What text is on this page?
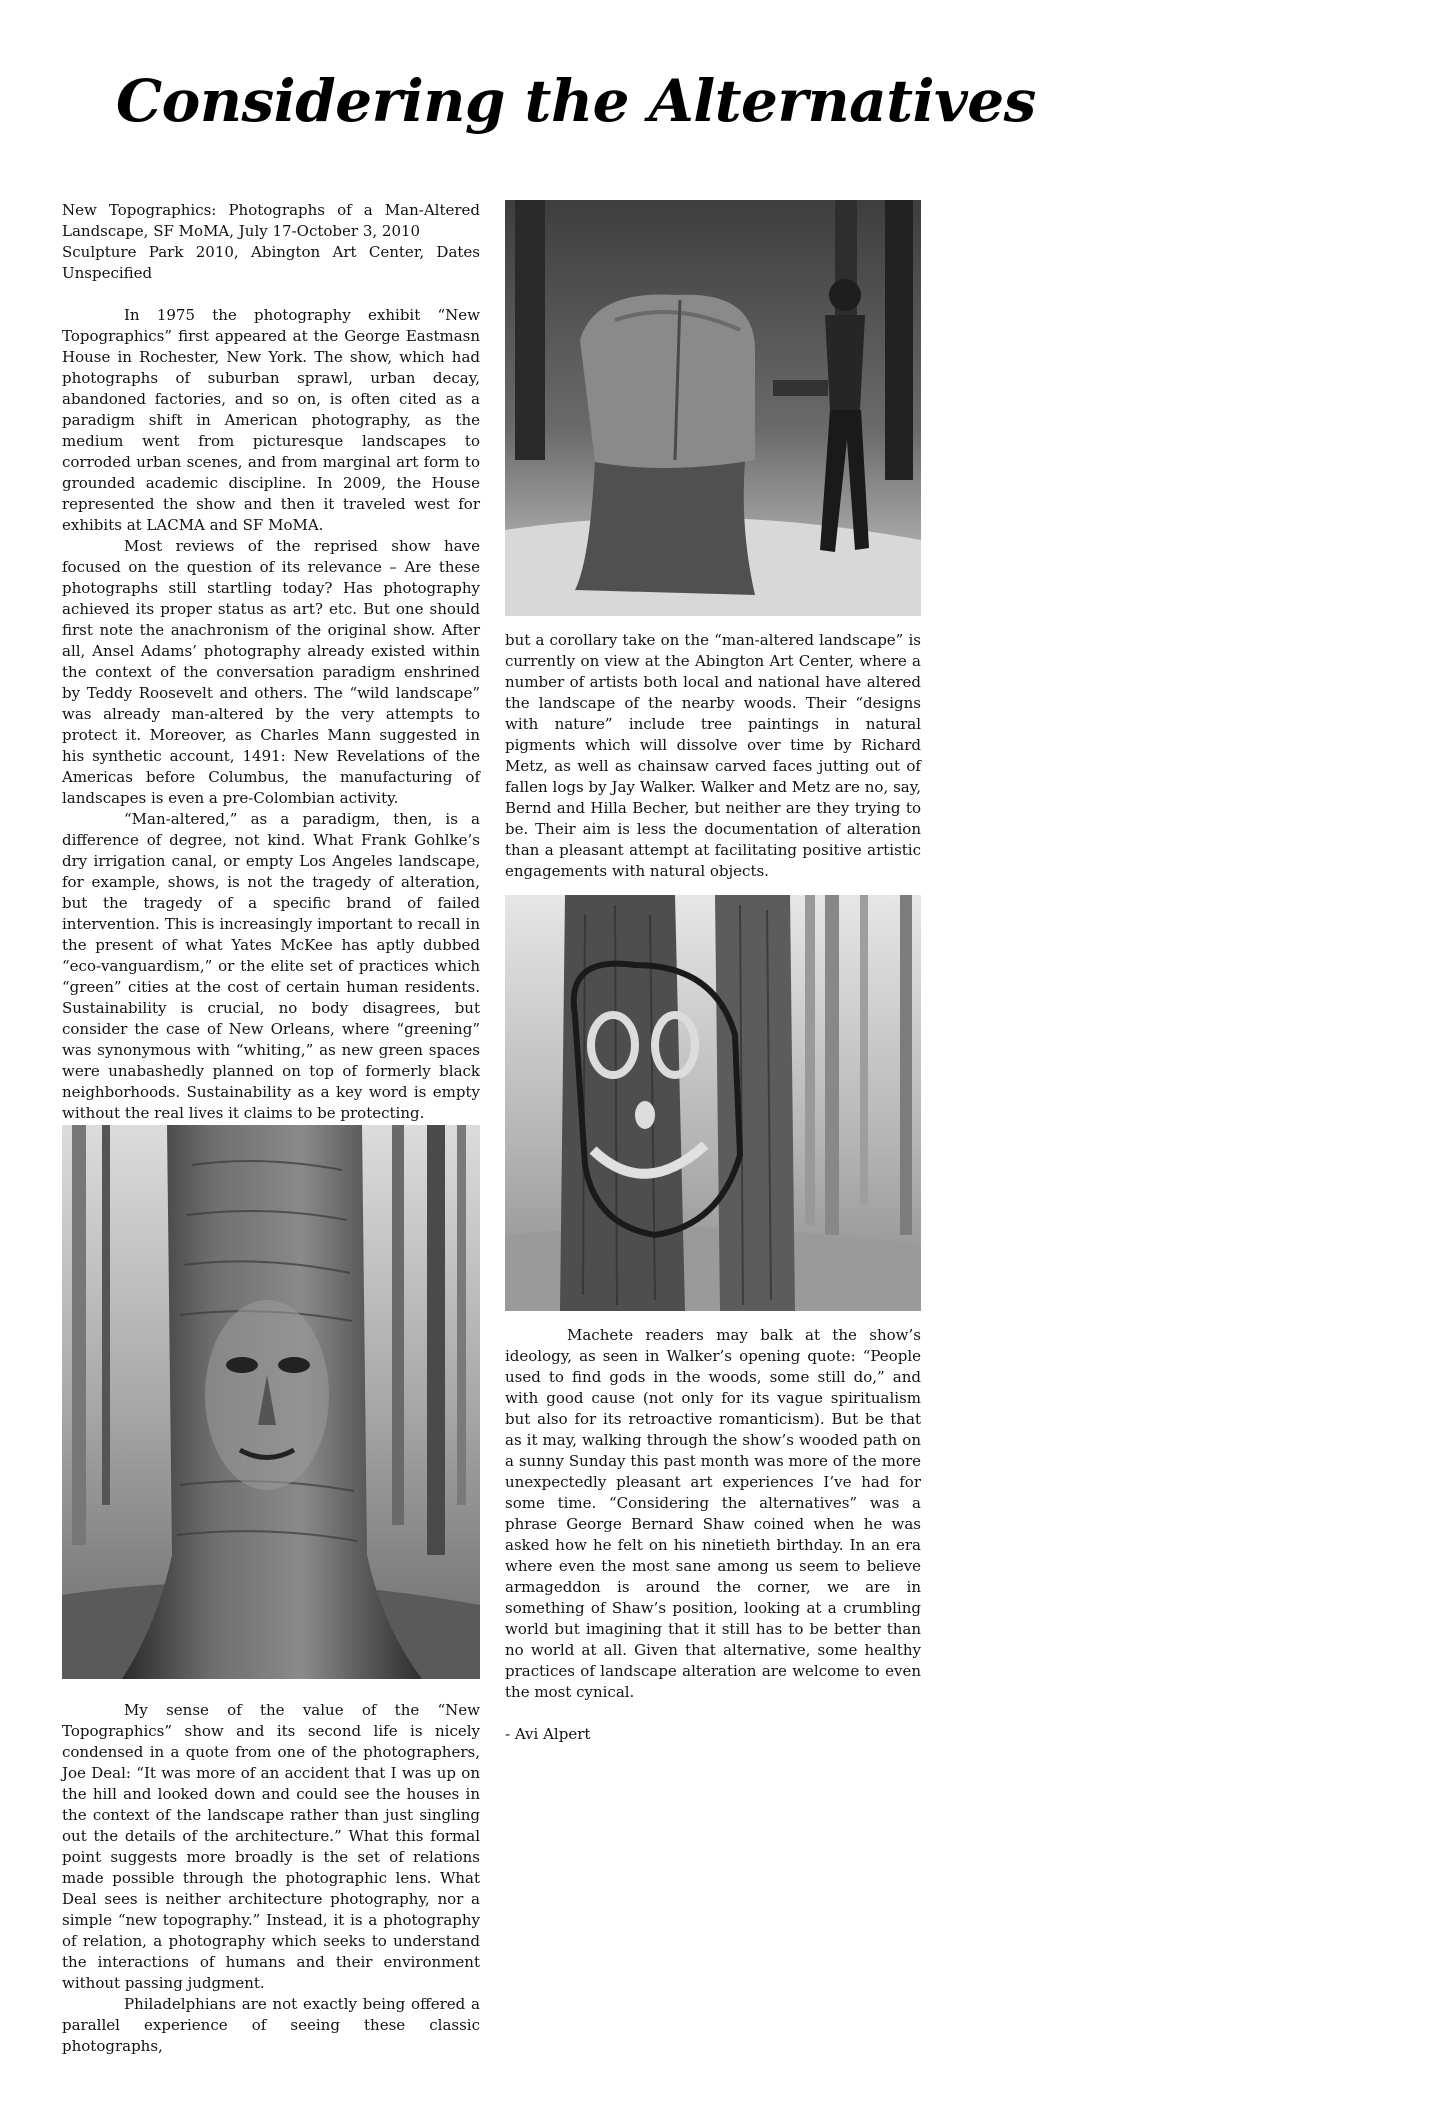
Considering the Alternatives

New Topographics: Photographs of a Man-Altered Landscape, SF MoMA, July 17-October 3, 2010

Sculpture Park 2010, Abington Art Center, Dates Unspecified

In 1975 the photography exhibit “New Topographics” first appeared at the George Eastmasn House in Rochester, New York. The show, which had photographs of suburban sprawl, urban decay, abandoned factories, and so on, is often cited as a paradigm shift in American photography, as the medium went from picturesque landscapes to corroded urban scenes, and from marginal art form to grounded academic discipline. In 2009, the House represented the show and then it traveled west for exhibits at LACMA and SF MoMA.

Most reviews of the reprised show have focused on the question of its relevance – Are these photographs still startling today? Has photography achieved its proper status as art? etc. But one should first note the anachronism of the original show. After all, Ansel Adams’ photography already existed within the context of the conversation paradigm enshrined by Teddy Roosevelt and others. The “wild landscape” was already man-altered by the very attempts to protect it. Moreover, as Charles Mann suggested in his synthetic account, 1491: New Revelations of the Americas before Columbus, the manufacturing of landscapes is even a pre-Colombian activity.

“Man-altered,” as a paradigm, then, is a difference of degree, not kind. What Frank Gohlke’s dry irrigation canal, or empty Los Angeles landscape, for example, shows, is not the tragedy of alteration, but the tragedy of a specific brand of failed intervention. This is increasingly important to recall in the present of what Yates McKee has aptly dubbed “eco-vanguardism,” or the elite set of practices which “green” cities at the cost of certain human residents. Sustainability is crucial, no body disagrees, but consider the case of New Orleans, where “greening” was synonymous with “whiting,” as new green spaces were unabashedly planned on top of formerly black neighborhoods. Sustainability as a key word is empty without the real lives it claims to be protecting.

My sense of the value of the “New Topographics” show and its second life is nicely condensed in a quote from one of the photographers, Joe Deal: “It was more of an accident that I was up on the hill and looked down and could see the houses in the context of the landscape rather than just singling out the details of the architecture.” What this formal point suggests more broadly is the set of relations made possible through the photographic lens. What Deal sees is neither architecture photography, nor a simple “new topography.” Instead, it is a photography of relation, a photography which seeks to understand the interactions of humans and their environment without passing judgment.

Philadelphians are not exactly being offered a parallel experience of seeing these classic photographs,

but a corollary take on the “man-altered landscape” is currently on view at the Abington Art Center, where a number of artists both local and national have altered the landscape of the nearby woods. Their “designs with nature” include tree paintings in natural pigments which will dissolve over time by Richard Metz, as well as chainsaw carved faces jutting out of fallen logs by Jay Walker. Walker and Metz are no, say, Bernd and Hilla Becher, but neither are they trying to be. Their aim is less the documentation of alteration than a pleasant attempt at facilitating positive artistic engagements with natural objects.

Machete readers may balk at the show’s ideology, as seen in Walker’s opening quote: “People used to find gods in the woods, some still do,” and with good cause (not only for its vague spiritualism but also for its retroactive romanticism). But be that as it may, walking through the show’s wooded path on a sunny Sunday this past month was more of the more unexpectedly pleasant art experiences I’ve had for some time. “Considering the alternatives” was a phrase George Bernard Shaw coined when he was asked how he felt on his ninetieth birthday. In an era where even the most sane among us seem to believe armageddon is around the corner, we are in something of Shaw’s position, looking at a crumbling world but imagining that it still has to be better than no world at all. Given that alternative, some healthy practices of landscape alteration are welcome to even the most cynical.

- Avi Alpert
